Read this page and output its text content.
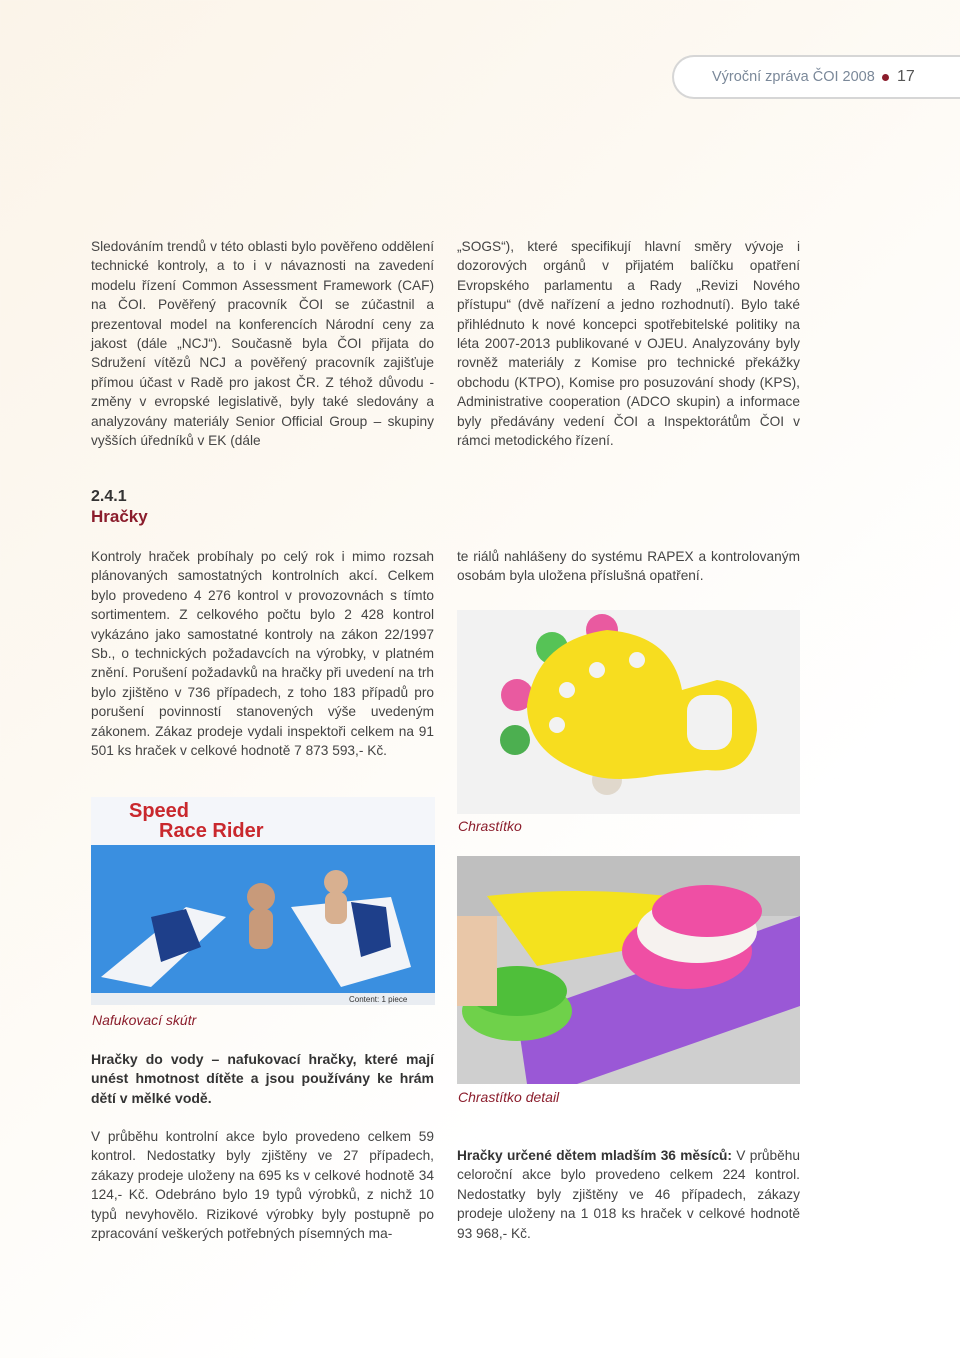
Výroční zpráva ČOI 2008 17

Sledováním trendů v této oblasti bylo pověřeno oddělení technické kontroly, a to i v návaznosti na zavedení modelu řízení Common Assessment Framework (CAF) na ČOI. Pověřený pracovník ČOI se zúčastnil a prezentoval model na konferencích Národní ceny za jakost (dále „NCJ“). Současně byla ČOI přijata do Sdružení vítězů NCJ a pověřený pracovník zajišťuje přímou účast v Radě pro jakost ČR. Z téhož důvodu - změny v evropské legislativě, byly také sledovány a analyzovány materiály Senior Official Group – skupiny vyšších úředníků v EK (dále

„SOGS“), které specifikují hlavní směry vývoje i dozorových orgánů v přijatém balíčku opatření Evropského parlamentu a Rady „Revizi Nového přístupu“ (dvě nařízení a jedno rozhodnutí). Bylo také přihlédnuto k nové koncepci spotřebitelské politiky na léta 2007-2013 publikované v OJEU. Analyzovány byly rovněž materiály z Komise pro technické překážky obchodu (KTPO), Komise pro posuzování shody (KPS), Administrative cooperation (ADCO skupin) a informace byly předávány vedení ČOI a Inspektorátům ČOI v rámci metodického řízení.

2.4.1
Hračky

Kontroly hraček probíhaly po celý rok i mimo rozsah plánovaných samostatných kontrolních akcí. Celkem bylo provedeno 4 276 kontrol v provozovnách s tímto sortimentem. Z celkového počtu bylo 2 428 kontrol vykázáno jako samostatné kontroly na zákon 22/1997 Sb., o technických požadavcích na výrobky, v platném znění. Porušení požadavků na hračky při uvedení na trh bylo zjištěno v 736 případech, z toho 183 případů pro porušení povinností stanovených výše uvedeným zákonem. Zákaz prodeje vydali inspektoři celkem na 91 501 ks hraček v celkové hodnotě 7 873 593,- Kč.

te riálů nahlášeny do systému RAPEX a kontrolovaným osobám byla uložena příslušná opatření.

Chrastítko
Chrastítko detail
Speed
Race Rider
Content: 1 piece
Nafukovací skútr

Hračky do vody – nafukovací hračky, které mají unést hmotnost dítěte a jsou používány ke hrám dětí v mělké vodě.

V průběhu kontrolní akce bylo provedeno celkem 59 kontrol. Nedostatky byly zjištěny ve 27 případech, zákazy prodeje uloženy na 695 ks v celkové hodnotě 34 124,- Kč. Odebráno bylo 19 typů výrobků, z nichž 10 typů nevyhovělo. Rizikové výrobky byly postupně po zpracování veškerých potřebných písemných ma-

Hračky určené dětem mladším 36 měsíců: V průběhu celoroční akce bylo provedeno celkem 224 kontrol. Nedostatky byly zjištěny ve 46 případech, zákazy prodeje uloženy na 1 018 ks hraček v celkové hodnotě 93 968,- Kč.
